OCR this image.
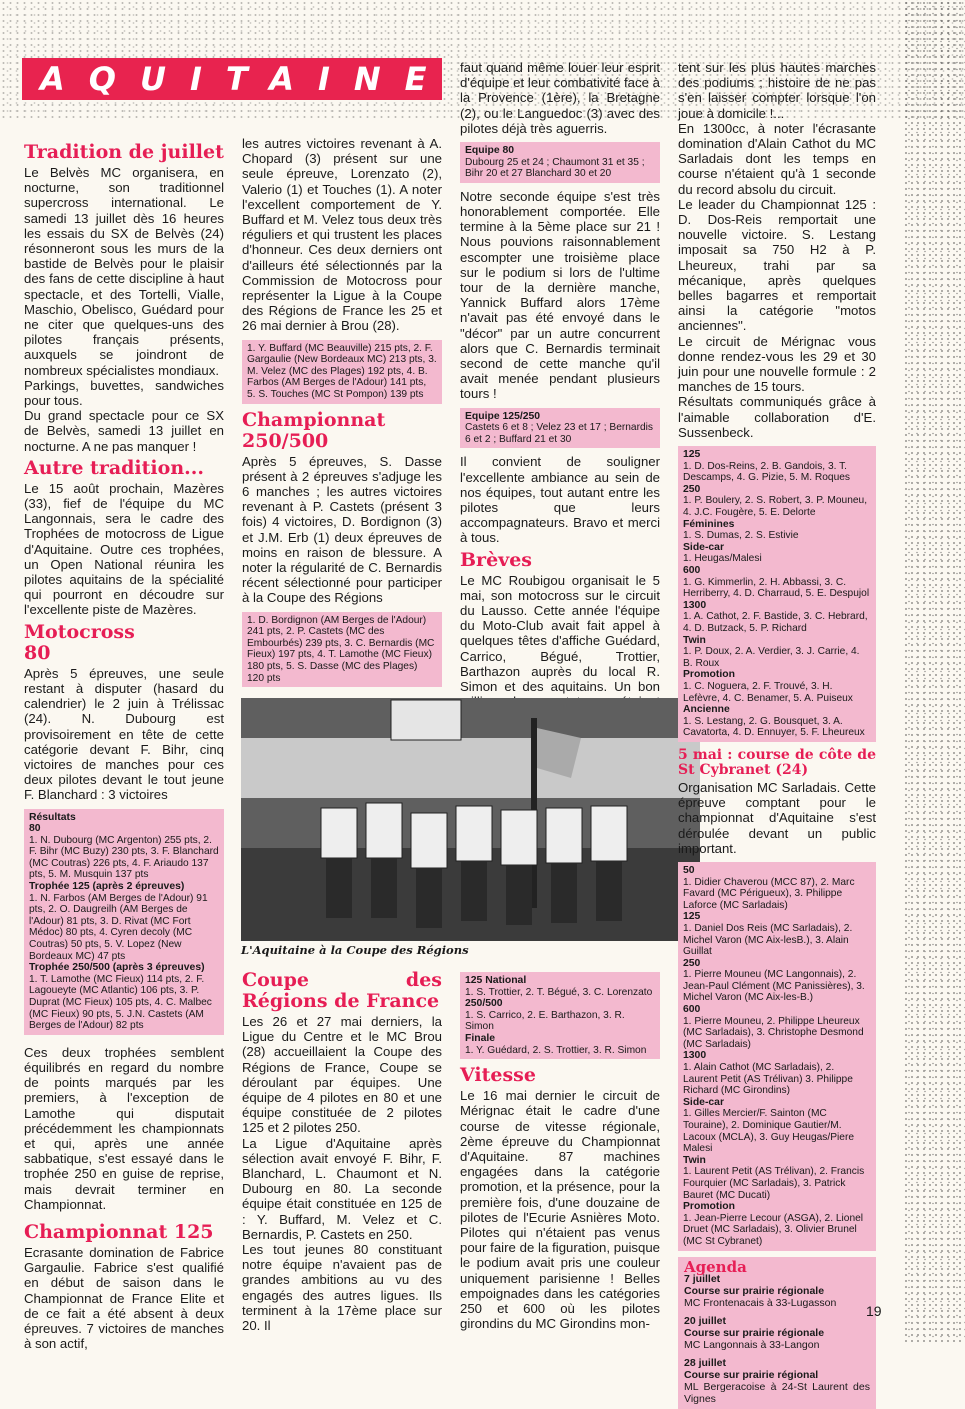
AQUITAINE
Tradition de juillet

Le Belvès MC organisera, en nocturne, son traditionnel supercross international. Le samedi 13 juillet dès 16 heures les essais du SX de Belvès (24) résonneront sous les murs de la bastide de Belvès pour le plaisir des fans de cette discipline à haut spectacle, et des Tortelli, Vialle, Maschio, Obelisco, Guédard pour ne citer que quelques-uns des pilotes français présents, auxquels se joindront de nombreux spécialistes mondiaux.

Parkings, buvettes, sandwiches pour tous.

Du grand spectacle pour ce SX de Belvès, samedi 13 juillet en nocturne. A ne pas manquer !

Autre tradition...

Le 15 août prochain, Mazères (33), fief de l'équipe du MC Langonnais, sera le cadre des Trophées de motocross de Ligue d'Aquitaine. Outre ces trophées, un Open National réunira les pilotes aquitains de la spécialité qui pourront en découdre sur l'excellente piste de Mazères.

Motocross 80

Après 5 épreuves, une seule restant à disputer (hasard du calendrier) le 2 juin à Trélissac (24). N. Dubourg est provisoirement en tête de cette catégorie devant F. Bihr, cinq victoires de manches pour ces deux pilotes devant le tout jeune F. Blanchard : 3 victoires

Résultats
80
1. N. Dubourg (MC Argenton) 255 pts, 2. F. Bihr (MC Buzy) 230 pts, 3. F. Blanchard (MC Coutras) 226 pts, 4. F. Ariaudo 137 pts, 5. M. Musquin 137 pts
Trophée 125 (après 2 épreuves)
1. N. Farbos (AM Berges de l'Adour) 91 pts, 2. O. Daugreilh (AM Berges de l'Adour) 81 pts, 3. D. Rivat (MC Fort Médoc) 80 pts, 4. Cyren decoly (MC Coutras) 50 pts, 5. V. Lopez (New Bordeaux MC) 47 pts
Trophée 250/500 (après 3 épreuves)
1. T. Lamothe (MC Fieux) 114 pts, 2. F. Lagoueyte (MC Atlantic) 106 pts, 3. P. Duprat (MC Fieux) 105 pts, 4. C. Malbec (MC Fieux) 90 pts, 5. J.N. Castets (AM Berges de l'Adour) 82 pts

Ces deux trophées semblent équilibrés en regard du nombre de points marqués par les premiers, à l'exception de Lamothe qui disputait précédemment les championnats et qui, après une année sabbatique, s'est essayé dans le trophée 250 en guise de reprise, mais devrait terminer en Championnat.

Championnat 125

Ecrasante domination de Fabrice Gargaulie. Fabrice s'est qualifié en début de saison dans le Championnat de France Elite et de ce fait a été absent à deux épreuves. 7 victoires de manches à son actif,

les autres victoires revenant à A. Chopard (3) présent sur une seule épreuve, Lorenzato (2), Valerio (1) et Touches (1). A noter l'excellent comportement de Y. Buffard et M. Velez tous deux très réguliers et qui trustent les places d'honneur. Ces deux derniers ont d'ailleurs été sélectionnés par la Commission de Motocross pour représenter la Ligue à la Coupe des Régions de France les 25 et 26 mai dernier à Brou (28).

1. Y. Buffard (MC Beauville) 215 pts, 2. F. Gargaulie (New Bordeaux MC) 213 pts, 3. M. Velez (MC des Plages) 192 pts, 4. B. Farbos (AM Berges de l'Adour) 141 pts, 5. S. Touches (MC St Pompon) 139 pts
Championnat 250/500

Après 5 épreuves, S. Dasse présent à 2 épreuves s'adjuge les 6 manches ; les autres victoires revenant à P. Castets (présent 3 fois) 4 victoires, D. Bordignon (3) et J.M. Erb (1) deux épreuves de moins en raison de blessure. A noter la régularité de C. Bernardis récent sélectionné pour participer à la Coupe des Régions

1. D. Bordignon (AM Berges de l'Adour) 241 pts, 2. P. Castets (MC des Embourbés) 239 pts, 3. C. Bernardis (MC Fieux) 197 pts, 4. T. Lamothe (MC Fieux) 180 pts, 5. S. Dasse (MC des Plages) 120 pts
Coupe des Régions de France

Les 26 et 27 mai derniers, la Ligue du Centre et le MC Brou (28) accueillaient la Coupe des Régions de France, Coupe se déroulant par équipes. Une équipe de 4 pilotes en 80 et une équipe constituée de 2 pilotes 125 et 2 pilotes 250.

La Ligue d'Aquitaine après sélection avait envoyé F. Bihr, F. Blanchard, L. Chaumont et N. Dubourg en 80. La seconde équipe était constituée en 125 de : Y. Buffard, M. Velez et C. Bernardis, P. Castets en 250.

Les tout jeunes 80 constituant notre équipe n'avaient pas de grandes ambitions au vu des engagés des autres ligues. Ils terminent à la 17ème place sur 20. Il

faut quand même louer leur esprit d'équipe et leur combativité face à la Provence (1ère), la Bretagne (2), ou le Languedoc (3) avec des pilotes déjà très aguerris.

Equipe 80
Dubourg 25 et 24 ; Chaumont 31 et 35 ; Bihr 20 et 27 Blanchard 30 et 20

Notre seconde équipe s'est très honorablement comportée. Elle termine à la 5ème place sur 21 ! Nous pouvions raisonnablement escompter une troisième place sur le podium si lors de l'ultime tour de la dernière manche, Yannick Buffard alors 17ème n'avait pas été envoyé dans le "décor" par un autre concurrent alors que C. Bernardis terminait second de cette manche qu'il avait menée pendant plusieurs tours !

Equipe 125/250
Castets 6 et 8 ; Velez 23 et 17 ; Bernardis 6 et 2 ; Buffard 21 et 30

Il convient de souligner l'excellente ambiance au sein de nos équipes, tout autant entre les pilotes que leurs accompagnateurs. Bravo et merci à tous.

Brèves

Le MC Roubigou organisait le 5 mai, son motocross sur le circuit du Lausso. Cette année l'équipe du Moto-Club avait fait appel à quelques têtes d'affiche Guédard, Carrico, Bégué, Trottier, Barthazon auprès du local R. Simon et des aquitains. Un bon

125 National
1. S. Trottier, 2. T. Bégué, 3. C. Lorenzato
250/500
1. S. Carrico, 2. E. Barthazon, 3. R. Simon
Finale
1. Y. Guédard, 2. S. Trottier, 3. R. Simon
Vitesse

Le 16 mai dernier le circuit de Mérignac était le cadre d'une course de vitesse régionale, 2ème épreuve du Championnat d'Aquitaine. 87 machines engagées dans la catégorie promotion, et la présence, pour la première fois, d'une douzaine de pilotes de l'Ecurie Asnières Moto. Pilotes qui n'étaient pas venus pour faire de la figuration, puisque le podium avait pris une couleur uniquement parisienne ! Belles empoignades dans les catégories 250 et 600 où les pilotes girondins du MC Girondins mon-

L'Aquitaine à la Coupe des Régions

tent sur les plus hautes marches des podiums ; histoire de ne pas s'en laisser compter lorsque l'on joue à domicile !...

En 1300cc, à noter l'écrasante domination d'Alain Cathot du MC Sarladais dont les temps en course n'étaient qu'à 1 seconde du record absolu du circuit.

Le leader du Championnat 125 : D. Dos-Reis remportait une nouvelle victoire. S. Lestang imposait sa 750 H2 à P. Lheureux, trahi par sa mécanique, après quelques belles bagarres et remportait ainsi la catégorie "motos anciennes".

Le circuit de Mérignac vous donne rendez-vous les 29 et 30 juin pour une nouvelle formule : 2 manches de 15 tours.

Résultats communiqués grâce à l'aimable collaboration d'E. Sussenbeck.

125
1. D. Dos-Reins, 2. B. Gandois, 3. T. Descamps, 4. G. Pizie, 5. M. Roques
250
1. P. Boulery, 2. S. Robert, 3. P. Mouneu, 4. J.C. Fougère, 5. E. Delorte
Féminines
1. S. Dumas, 2. S. Estivie
Side-car
1. Heugas/Malesi
600
1. G. Kimmerlin, 2. H. Abbassi, 3. C. Herriberry, 4. D. Charraud, 5. E. Despujol
1300
1. A. Cathot, 2. F. Bastide, 3. C. Hebrard, 4. D. Butzack, 5. P. Richard
Twin
1. P. Doux, 2. A. Verdier, 3. J. Carrie, 4. B. Roux
Promotion
1. C. Noguera, 2. F. Trouvé, 3. H. Lefèvre, 4. C. Benamer, 5. A. Puiseux
Ancienne
1. S. Lestang, 2. G. Bousquet, 3. A. Cavatorta, 4. D. Ennuyer, 5. F. Lheureux
5 mai : course de côte de St Cybranet (24)

Organisation MC Sarladais. Cette épreuve comptant pour le championnat d'Aquitaine s'est déroulée devant un public important.

50
1. Didier Chaverou (MCC 87), 2. Marc Favard (MC Périgueux), 3. Philippe Laforce (MC Sarladais)
125
1. Daniel Dos Reis (MC Sarladais), 2. Michel Varon (MC Aix-lesB.), 3. Alain Guillat
250
1. Pierre Mouneu (MC Langonnais), 2. Jean-Paul Clément (MC Panissières), 3. Michel Varon (MC Aix-les-B.)
600
1. Pierre Mouneu, 2. Philippe Lheureux (MC Sarladais), 3. Christophe Desmond (MC Sarladais)
1300
1. Alain Cathot (MC Sarladais), 2. Laurent Petit (AS Trélivan) 3. Philippe Richard (MC Girondins)
Side-car
1. Gilles Mercier/F. Sainton (MC Touraine), 2. Dominique Gautier/M. Lacoux (MCLA), 3. Guy Heugas/Piere Malesi
Twin
1. Laurent Petit (AS Trélivan), 2. Francis Fourquier (MC Sarladais), 3. Patrick Bauret (MC Ducati)
Promotion
1. Jean-Pierre Lecour (ASGA), 2. Lionel Druet (MC Sarladais), 3. Olivier Brunel (MC St Cybranet)
Agenda
7 juillet
Course sur prairie régionale
MC Frontenacais à 33-Lugasson
20 juillet
Course sur prairie régionale
MC Langonnais à 33-Langon
28 juillet
Course sur prairie régional
ML Bergeracoise à 24-St Laurent des Vignes
19
